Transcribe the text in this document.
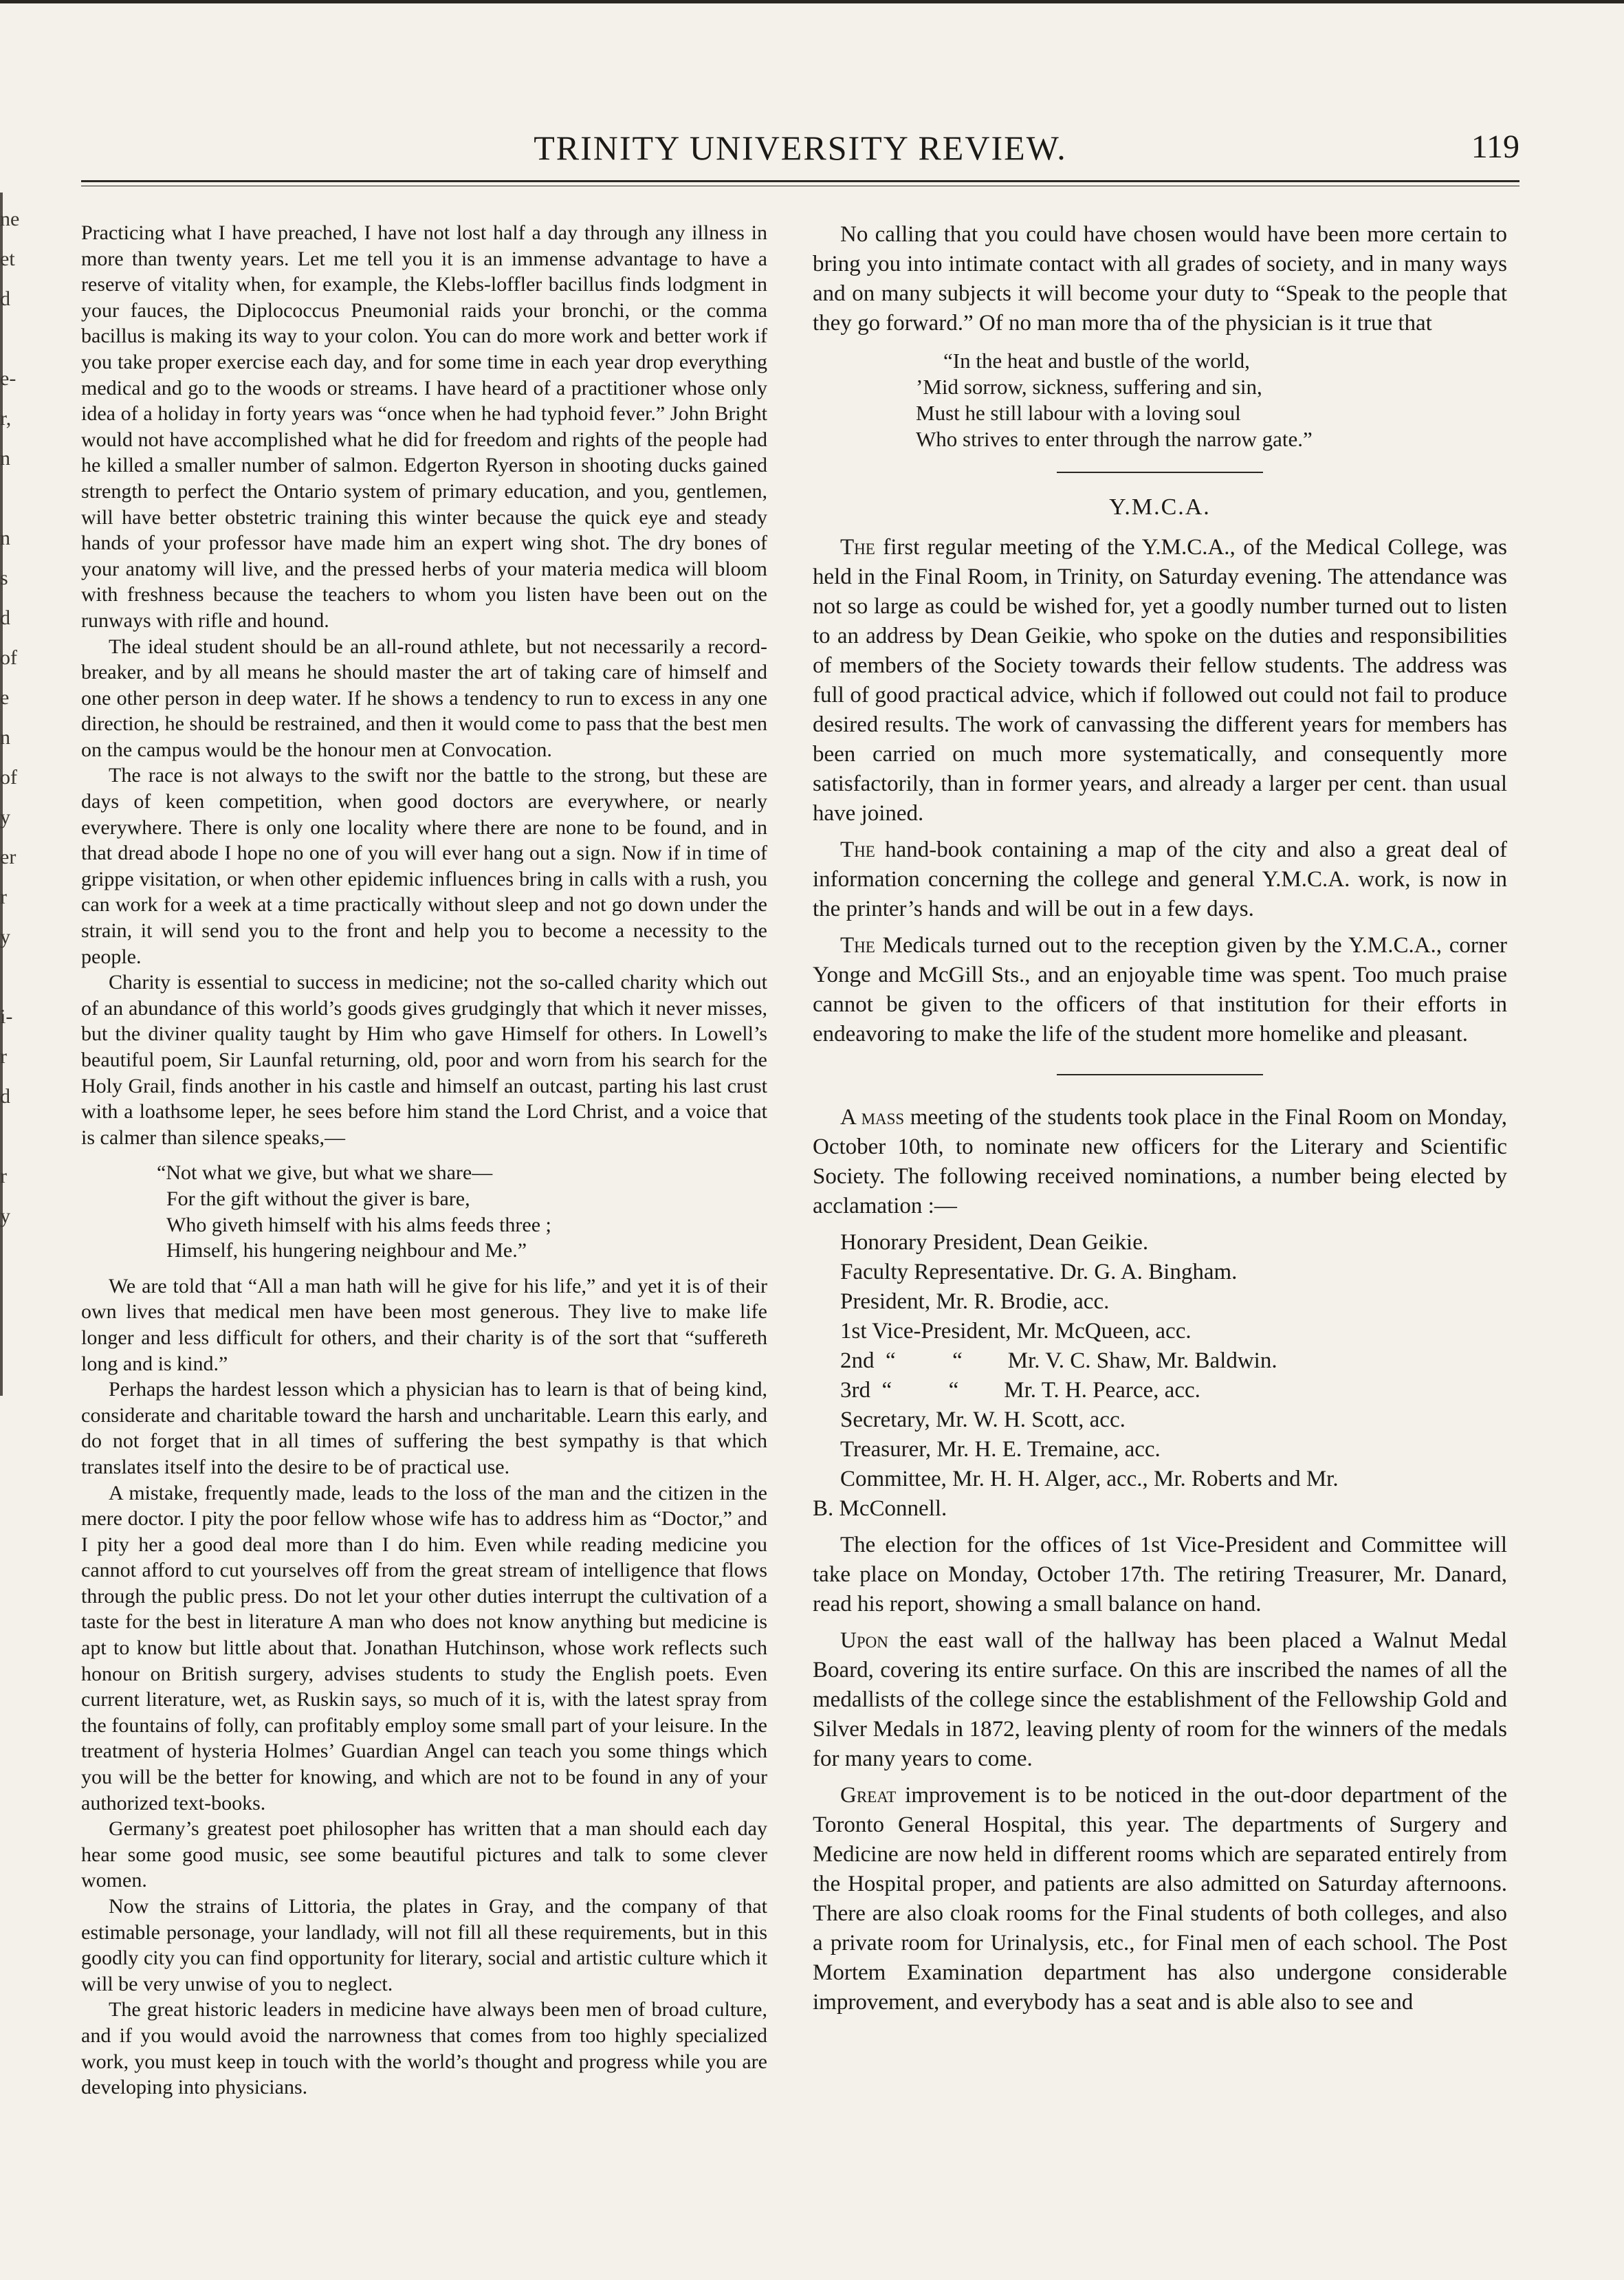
ne
et
d

e-
r,
n

n
s
d
of
e
n
of
y
er
r
y

i-
r
d

r
y
TRINITY UNIVERSITY REVIEW.	119

Practicing what I have preached, I have not lost half a day through any illness in more than twenty years. Let me tell you it is an immense advantage to have a reserve of vitality when, for example, the Klebs-loffler bacillus finds lodgment in your fauces, the Diplococcus Pneumonial raids your bronchi, or the comma bacillus is making its way to your colon. You can do more work and better work if you take proper exercise each day, and for some time in each year drop everything medical and go to the woods or streams. I have heard of a practitioner whose only idea of a holiday in forty years was “once when he had typhoid fever.” John Bright would not have accomplished what he did for freedom and rights of the people had he killed a smaller number of salmon. Edgerton Ryerson in shooting ducks gained strength to perfect the Ontario system of primary education, and you, gentlemen, will have better obstetric training this winter because the quick eye and steady hands of your professor have made him an expert wing shot. The dry bones of your anatomy will live, and the pressed herbs of your materia medica will bloom with freshness because the teachers to whom you listen have been out on the runways with rifle and hound.

The ideal student should be an all-round athlete, but not necessarily a record-breaker, and by all means he should master the art of taking care of himself and one other person in deep water. If he shows a tendency to run to excess in any one direction, he should be restrained, and then it would come to pass that the best men on the campus would be the honour men at Convocation.

The race is not always to the swift nor the battle to the strong, but these are days of keen competition, when good doctors are everywhere, or nearly everywhere. There is only one locality where there are none to be found, and in that dread abode I hope no one of you will ever hang out a sign. Now if in time of grippe visitation, or when other epidemic influences bring in calls with a rush, you can work for a week at a time practically without sleep and not go down under the strain, it will send you to the front and help you to become a necessity to the people.

Charity is essential to success in medicine; not the so-called charity which out of an abundance of this world’s goods gives grudgingly that which it never misses, but the diviner quality taught by Him who gave Himself for others. In Lowell’s beautiful poem, Sir Launfal returning, old, poor and worn from his search for the Holy Grail, finds another in his castle and himself an outcast, parting his last crust with a loathsome leper, he sees before him stand the Lord Christ, and a voice that is calmer than silence speaks,—

“Not what we give, but what we share—
For the gift without the giver is bare,
Who giveth himself with his alms feeds three ;
Himself, his hungering neighbour and Me.”

We are told that “All a man hath will he give for his life,” and yet it is of their own lives that medical men have been most generous. They live to make life longer and less difficult for others, and their charity is of the sort that “suffereth long and is kind.”

Perhaps the hardest lesson which a physician has to learn is that of being kind, considerate and charitable toward the harsh and uncharitable. Learn this early, and do not forget that in all times of suffering the best sympathy is that which translates itself into the desire to be of practical use.

A mistake, frequently made, leads to the loss of the man and the citizen in the mere doctor. I pity the poor fellow whose wife has to address him as “Doctor,” and I pity her a good deal more than I do him. Even while reading medicine you cannot afford to cut yourselves off from the great stream of intelligence that flows through the public press. Do not let your other duties interrupt the cultivation of a taste for the best in literature A man who does not know anything but medicine is apt to know but little about that. Jonathan Hutchinson, whose work reflects such honour on British surgery, advises students to study the English poets. Even current literature, wet, as Ruskin says, so much of it is, with the latest spray from the fountains of folly, can profitably employ some small part of your leisure. In the treatment of hysteria Holmes’ Guardian Angel can teach you some things which you will be the better for knowing, and which are not to be found in any of your authorized text-books.

Germany’s greatest poet philosopher has written that a man should each day hear some good music, see some beautiful pictures and talk to some clever women.

Now the strains of Littoria, the plates in Gray, and the company of that estimable personage, your landlady, will not fill all these requirements, but in this goodly city you can find opportunity for literary, social and artistic culture which it will be very unwise of you to neglect.

The great historic leaders in medicine have always been men of broad culture, and if you would avoid the narrowness that comes from too highly specialized work, you must keep in touch with the world’s thought and progress while you are developing into physicians.

No calling that you could have chosen would have been more certain to bring you into intimate contact with all grades of society, and in many ways and on many subjects it will become your duty to “Speak to the people that they go forward.” Of no man more tha of the physician is it true that

“In the heat and bustle of the world,
’Mid sorrow, sickness, suffering and sin,
Must he still labour with a loving soul
Who strives to enter through the narrow gate.”
Y.M.C.A.

The first regular meeting of the Y.M.C.A., of the Medical College, was held in the Final Room, in Trinity, on Saturday evening. The attendance was not so large as could be wished for, yet a goodly number turned out to listen to an address by Dean Geikie, who spoke on the duties and responsibilities of members of the Society towards their fellow students. The address was full of good practical advice, which if followed out could not fail to produce desired results. The work of canvassing the different years for members has been carried on much more systematically, and consequently more satisfactorily, than in former years, and already a larger per cent. than usual have joined.

The hand-book containing a map of the city and also a great deal of information concerning the college and general Y.M.C.A. work, is now in the printer’s hands and will be out in a few days.

The Medicals turned out to the reception given by the Y.M.C.A., corner Yonge and McGill Sts., and an enjoyable time was spent. Too much praise cannot be given to the officers of that institution for their efforts in endeavoring to make the life of the student more homelike and pleasant.

A mass meeting of the students took place in the Final Room on Monday, October 10th, to nominate new officers for the Literary and Scientific Society. The following received nominations, a number being elected by acclamation :—

Honorary President, Dean Geikie.
Faculty Representative. Dr. G. A. Bingham.
President, Mr. R. Brodie, acc.
1st Vice-President, Mr. McQueen, acc.
2nd  “          “        Mr. V. C. Shaw, Mr. Baldwin.
3rd  “          “        Mr. T. H. Pearce, acc.
Secretary, Mr. W. H. Scott, acc.
Treasurer, Mr. H. E. Tremaine, acc.
Committee, Mr. H. H. Alger, acc., Mr. Roberts and Mr.

B. McConnell.

The election for the offices of 1st Vice-President and Committee will take place on Monday, October 17th. The retiring Treasurer, Mr. Danard, read his report, showing a small balance on hand.

Upon the east wall of the hallway has been placed a Walnut Medal Board, covering its entire surface. On this are inscribed the names of all the medallists of the college since the establishment of the Fellowship Gold and Silver Medals in 1872, leaving plenty of room for the winners of the medals for many years to come.

Great improvement is to be noticed in the out-door department of the Toronto General Hospital, this year. The departments of Surgery and Medicine are now held in different rooms which are separated entirely from the Hospital proper, and patients are also admitted on Saturday afternoons. There are also cloak rooms for the Final students of both colleges, and also a private room for Urinalysis, etc., for Final men of each school. The Post Mortem Examination department has also undergone considerable improvement, and everybody has a seat and is able also to see and
